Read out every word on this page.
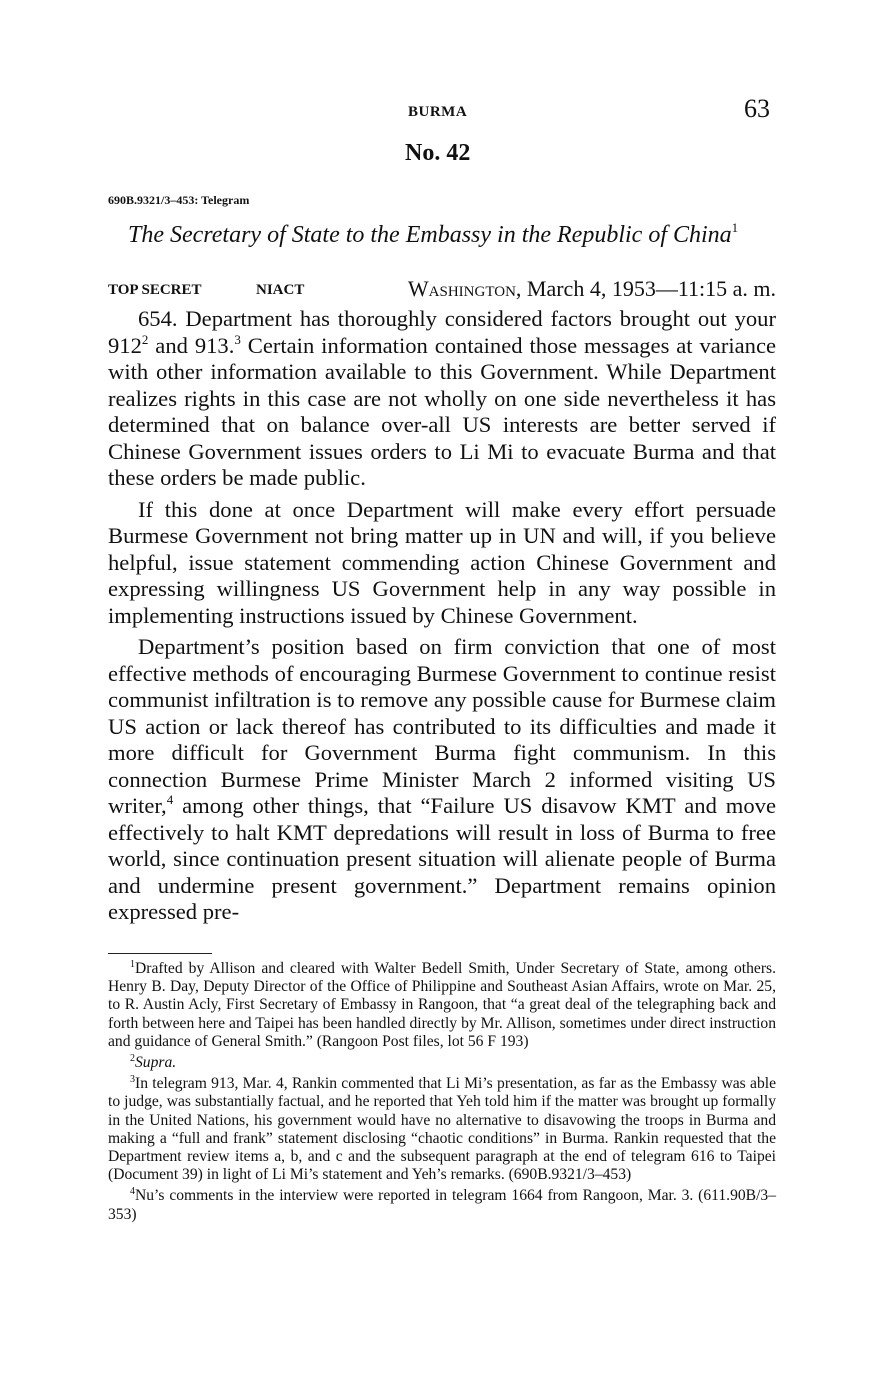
BURMA	63
No. 42
690B.9321/3–453: Telegram
The Secretary of State to the Embassy in the Republic of China$^1$
TOP SECRET	NIACT	Washington, March 4, 1953—11:15 a. m.

654. Department has thoroughly considered factors brought out your $912^2$ and 913.$^3$ Certain information contained those messages at variance with other information available to this Government. While Department realizes rights in this case are not wholly on one side nevertheless it has determined that on balance over-all US interests are better served if Chinese Government issues orders to Li Mi to evacuate Burma and that these orders be made public.

If this done at once Department will make every effort persuade Burmese Government not bring matter up in UN and will, if you believe helpful, issue statement commending action Chinese Government and expressing willingness US Government help in any way possible in implementing instructions issued by Chinese Government.

Department’s position based on firm conviction that one of most effective methods of encouraging Burmese Government to continue resist communist infiltration is to remove any possible cause for Burmese claim US action or lack thereof has contributed to its difficulties and made it more difficult for Government Burma fight communism. In this connection Burmese Prime Minister March 2 informed visiting US writer,$^4$ among other things, that “Failure US disavow KMT and move effectively to halt KMT depredations will result in loss of Burma to free world, since continuation present situation will alienate people of Burma and undermine present government.” Department remains opinion expressed pre-

$^1$Drafted by Allison and cleared with Walter Bedell Smith, Under Secretary of State, among others. Henry B. Day, Deputy Director of the Office of Philippine and Southeast Asian Affairs, wrote on Mar. 25, to R. Austin Acly, First Secretary of Embassy in Rangoon, that “a great deal of the telegraphing back and forth between here and Taipei has been handled directly by Mr. Allison, sometimes under direct instruction and guidance of General Smith.” (Rangoon Post files, lot 56 F 193)

$^2$Supra.

$^3$In telegram 913, Mar. 4, Rankin commented that Li Mi’s presentation, as far as the Embassy was able to judge, was substantially factual, and he reported that Yeh told him if the matter was brought up formally in the United Nations, his government would have no alternative to disavowing the troops in Burma and making a “full and frank” statement disclosing “chaotic conditions” in Burma. Rankin requested that the Department review items a, b, and c and the subsequent paragraph at the end of telegram 616 to Taipei (Document 39) in light of Li Mi’s statement and Yeh’s remarks. (690B.9321/3–453)

$^4$Nu’s comments in the interview were reported in telegram 1664 from Rangoon, Mar. 3. (611.90B/3–353)
